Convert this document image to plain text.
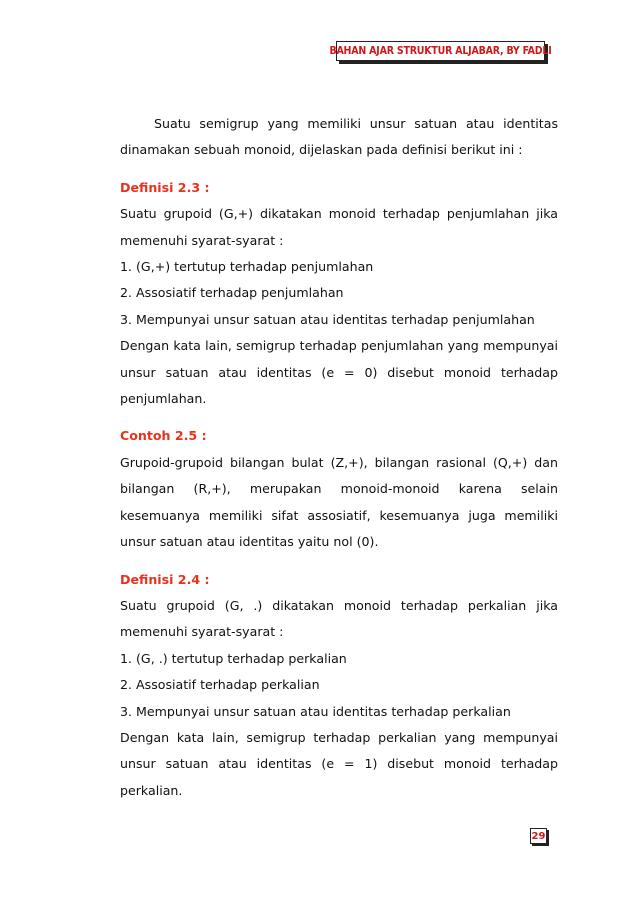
BAHAN AJAR STRUKTUR ALJABAR, BY FADLI

Suatu semigrup yang memiliki unsur satuan atau identitas dinamakan sebuah monoid, dijelaskan pada definisi berikut ini :

Definisi 2.3 :

Suatu grupoid (G,+) dikatakan monoid terhadap penjumlahan jika memenuhi syarat-syarat :

1. (G,+) tertutup terhadap penjumlahan

2. Assosiatif terhadap penjumlahan

3. Mempunyai unsur satuan atau identitas terhadap penjumlahan

Dengan kata lain, semigrup terhadap penjumlahan yang mempunyai unsur satuan atau identitas (e = 0) disebut monoid terhadap penjumlahan.

Contoh 2.5 :

Grupoid-grupoid bilangan bulat (Z,+), bilangan rasional (Q,+) dan bilangan (R,+), merupakan monoid-monoid karena selain kesemuanya memiliki sifat assosiatif, kesemuanya juga memiliki unsur satuan atau identitas yaitu nol (0).

Definisi 2.4 :

Suatu grupoid (G, .) dikatakan monoid terhadap perkalian jika memenuhi syarat-syarat :

1. (G, .) tertutup terhadap perkalian

2. Assosiatif terhadap perkalian

3. Mempunyai unsur satuan atau identitas terhadap perkalian

Dengan kata lain, semigrup terhadap perkalian yang mempunyai unsur satuan atau identitas (e = 1) disebut monoid terhadap perkalian.

29
